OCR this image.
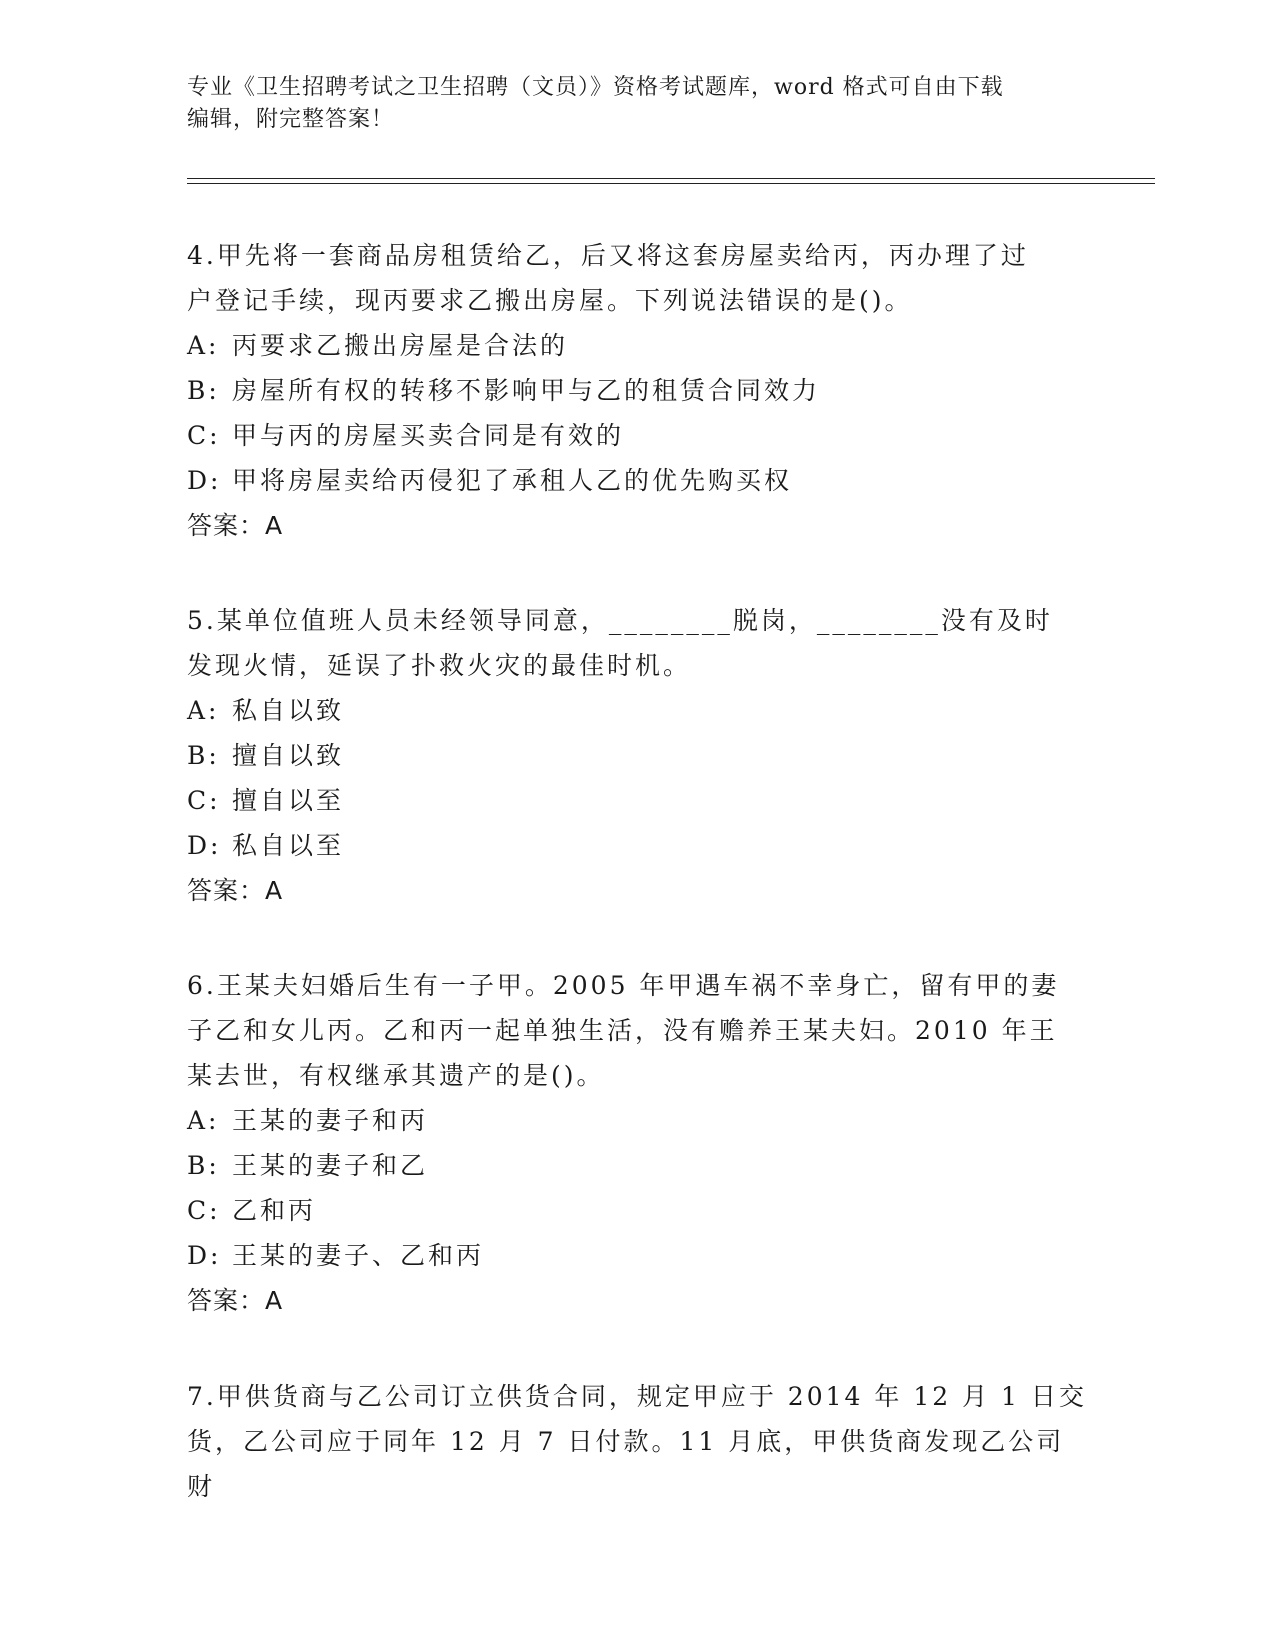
专业《卫生招聘考试之卫生招聘（文员）》资格考试题库，word 格式可自由下载
编辑，附完整答案！
4.甲先将一套商品房租赁给乙，后又将这套房屋卖给丙，丙办理了过
户登记手续，现丙要求乙搬出房屋。下列说法错误的是()。
A: 丙要求乙搬出房屋是合法的
B: 房屋所有权的转移不影响甲与乙的租赁合同效力
C: 甲与丙的房屋买卖合同是有效的
D: 甲将房屋卖给丙侵犯了承租人乙的优先购买权
答案：A
5.某单位值班人员未经领导同意，________脱岗，________没有及时
发现火情，延误了扑救火灾的最佳时机。
A: 私自以致
B: 擅自以致
C: 擅自以至
D: 私自以至
答案：A
6.王某夫妇婚后生有一子甲。2005 年甲遇车祸不幸身亡，留有甲的妻
子乙和女儿丙。乙和丙一起单独生活，没有赡养王某夫妇。2010 年王
某去世，有权继承其遗产的是()。
A: 王某的妻子和丙
B: 王某的妻子和乙
C: 乙和丙
D: 王某的妻子、乙和丙
答案：A
7.甲供货商与乙公司订立供货合同，规定甲应于 2014 年 12 月 1 日交
货，乙公司应于同年 12 月 7 日付款。11 月底，甲供货商发现乙公司财
